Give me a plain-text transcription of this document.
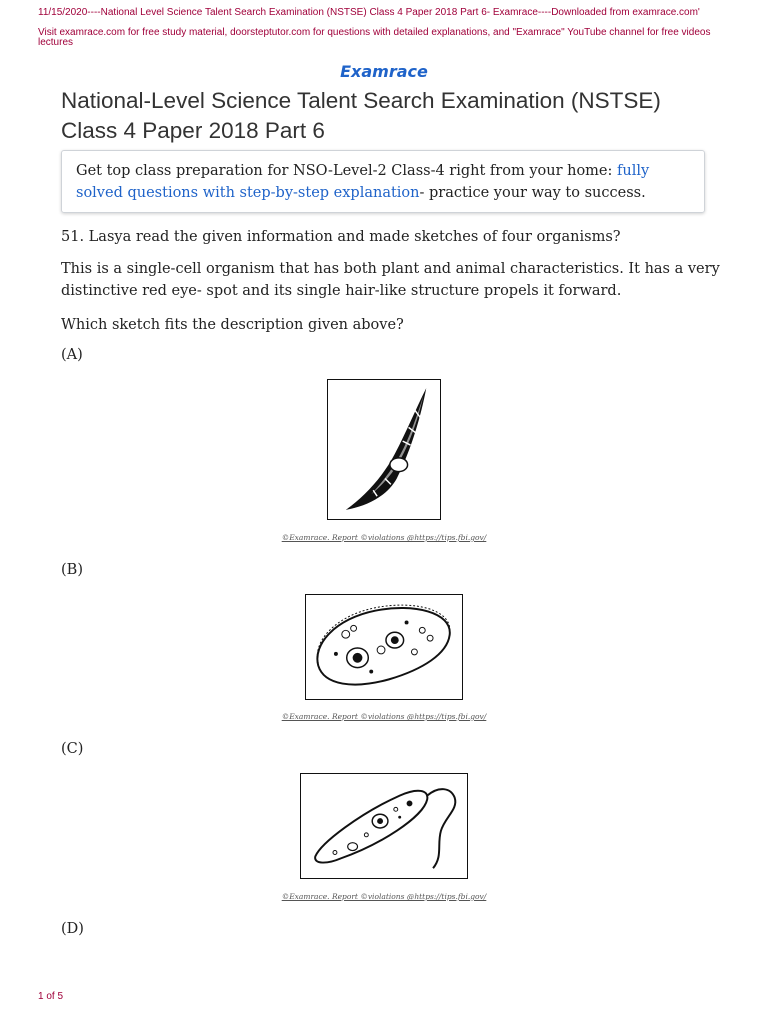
11/15/2020----National Level Science Talent Search Examination (NSTSE) Class 4 Paper 2018 Part 6- Examrace----Downloaded from examrace.com'
Visit examrace.com for free study material, doorsteptutor.com for questions with detailed explanations, and "Examrace" YouTube channel for free videos lectures
Examrace
National-Level Science Talent Search Examination (NSTSE)
Class 4 Paper 2018 Part 6
Get top class preparation for NSO-Level-2 Class-4 right from your home: fully solved questions with step-by-step explanation- practice your way to success.
51. Lasya read the given information and made sketches of four organisms?
This is a single-cell organism that has both plant and animal characteristics. It has a very distinctive red eye- spot and its single hair-like structure propels it forward.
Which sketch fits the description given above?
(A)
©Examrace. Report ©violations @https://tips.fbi.gov/
(B)
©Examrace. Report ©violations @https://tips.fbi.gov/
(C)
©Examrace. Report ©violations @https://tips.fbi.gov/
(D)
1 of 5
